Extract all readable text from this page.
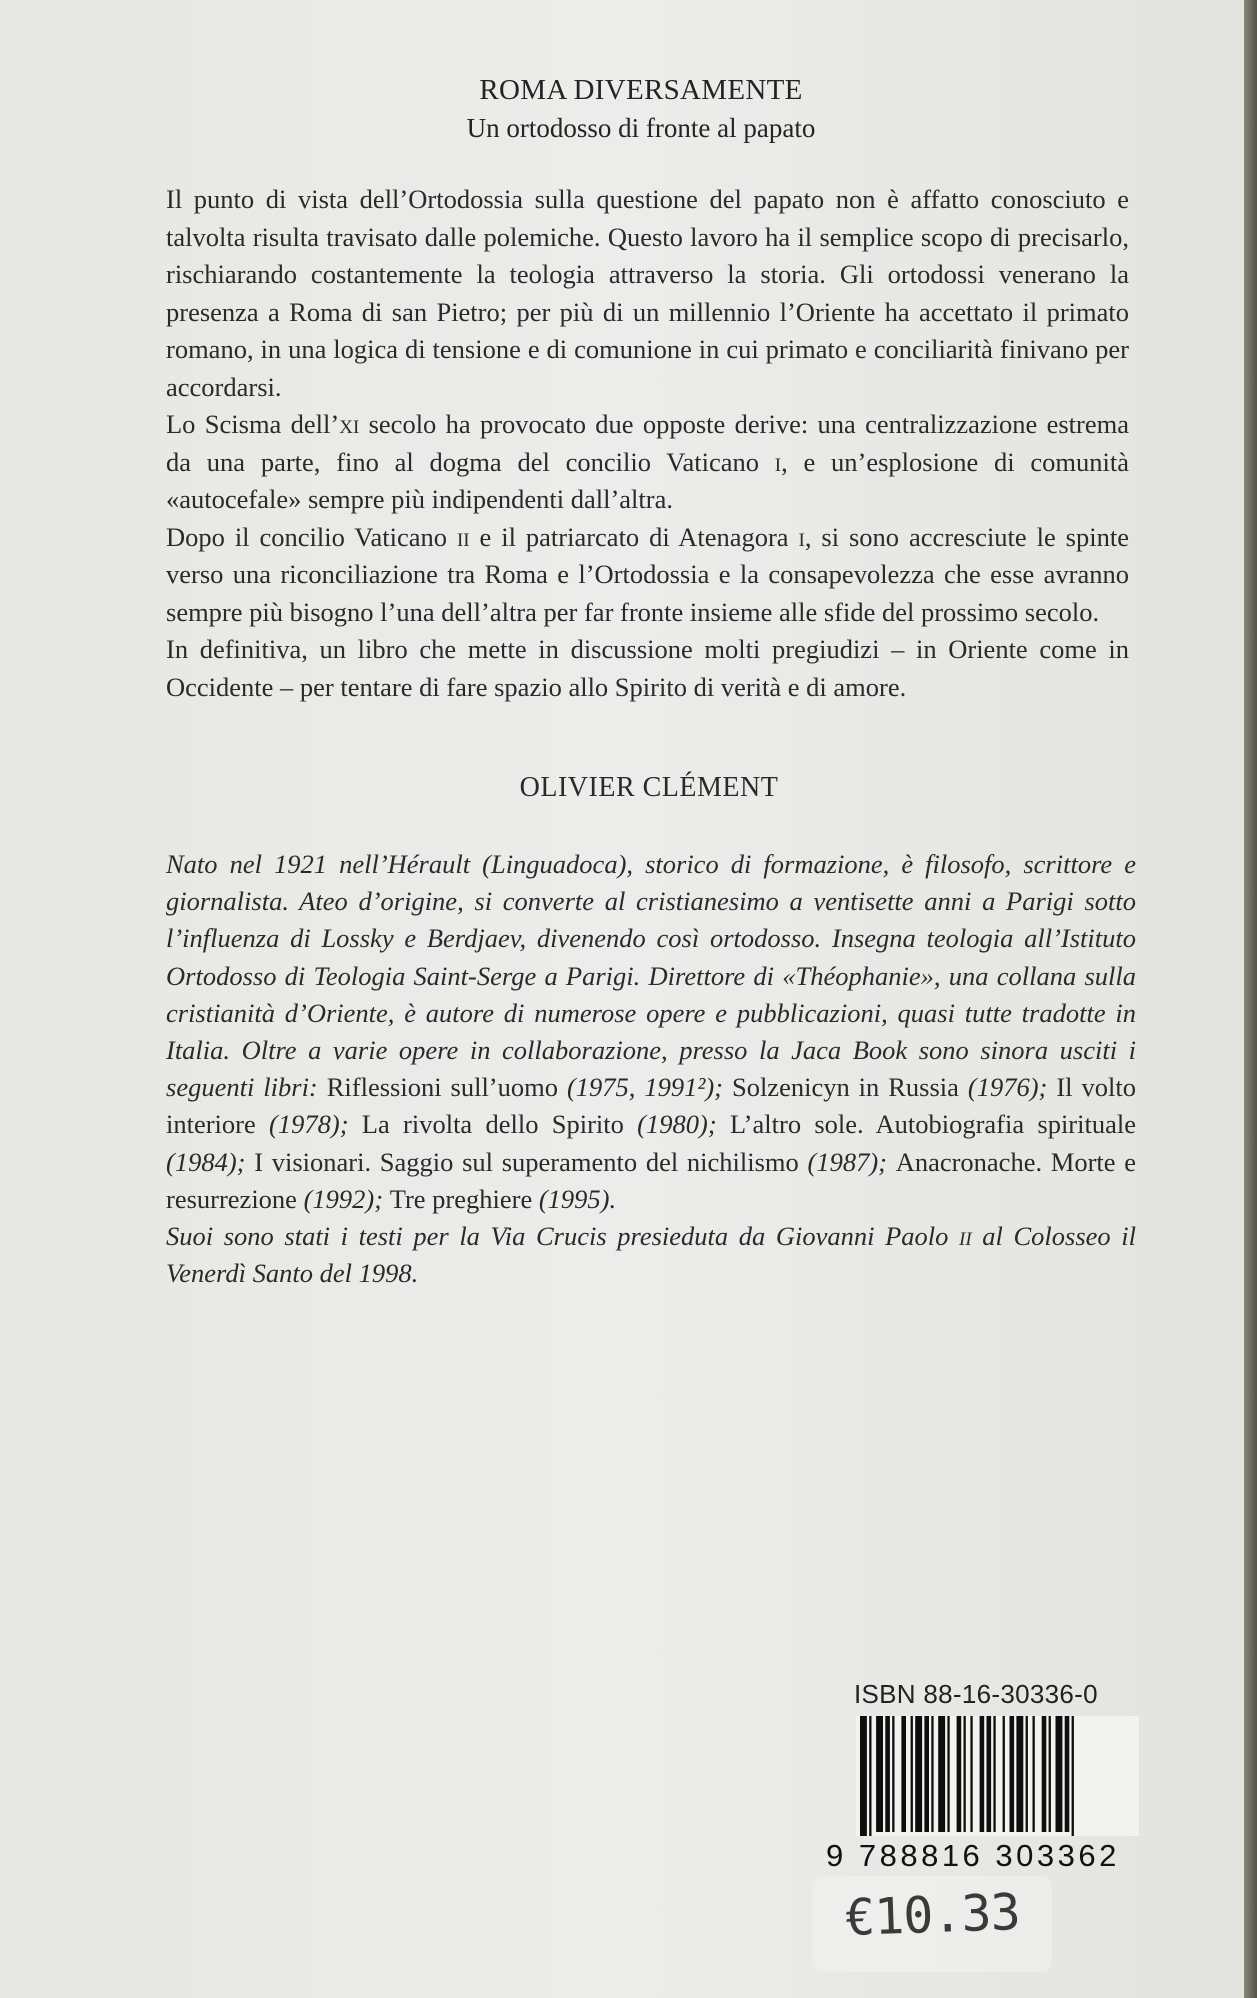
ROMA DIVERSAMENTE
Un ortodosso di fronte al papato

Il punto di vista dell’Ortodossia sulla questione del papato non è affatto conosciuto e talvolta risulta travisato dalle polemiche. Questo lavoro ha il semplice scopo di precisarlo, rischiarando costantemente la teologia attraverso la storia. Gli ortodossi venerano la presenza a Roma di san Pietro; per più di un millennio l’Oriente ha accettato il primato romano, in una logica di tensione e di comunione in cui primato e conciliarità finivano per accordarsi.

Lo Scisma dell’xi secolo ha provocato due opposte derive: una centralizzazione estrema da una parte, fino al dogma del concilio Vaticano i, e un’esplosione di comunità «autocefale» sempre più indipendenti dall’altra.

Dopo il concilio Vaticano ii e il patriarcato di Atenagora i, si sono accresciute le spinte verso una riconciliazione tra Roma e l’Ortodossia e la consapevolezza che esse avranno sempre più bisogno l’una dell’altra per far fronte insieme alle sfide del prossimo secolo.

In definitiva, un libro che mette in discussione molti pregiudizi – in Oriente come in Occidente – per tentare di fare spazio allo Spirito di verità e di amore.

OLIVIER CLÉMENT

Nato nel 1921 nell’Hérault (Linguadoca), storico di formazione, è filosofo, scrittore e giornalista. Ateo d’origine, si converte al cristianesimo a ventisette anni a Parigi sotto l’influenza di Lossky e Berdjaev, divenendo così ortodosso. Insegna teologia all’Istituto Ortodosso di Teologia Saint-Serge a Parigi. Direttore di «Théophanie», una collana sulla cristianità d’Oriente, è autore di numerose opere e pubblicazioni, quasi tutte tradotte in Italia. Oltre a varie opere in collaborazione, presso la Jaca Book sono sinora usciti i seguenti libri: Riflessioni sull’uomo (1975, 1991²); Solzenicyn in Russia (1976); Il volto interiore (1978); La rivolta dello Spirito (1980); L’altro sole. Autobiografia spirituale (1984); I visionari. Saggio sul superamento del nichilismo (1987); Anacronache. Morte e resurrezione (1992); Tre preghiere (1995).

Suoi sono stati i testi per la Via Crucis presieduta da Giovanni Paolo ii al Colosseo il Venerdì Santo del 1998.

ISBN 88-16-30336-0
9 788816 303362
€10.33
